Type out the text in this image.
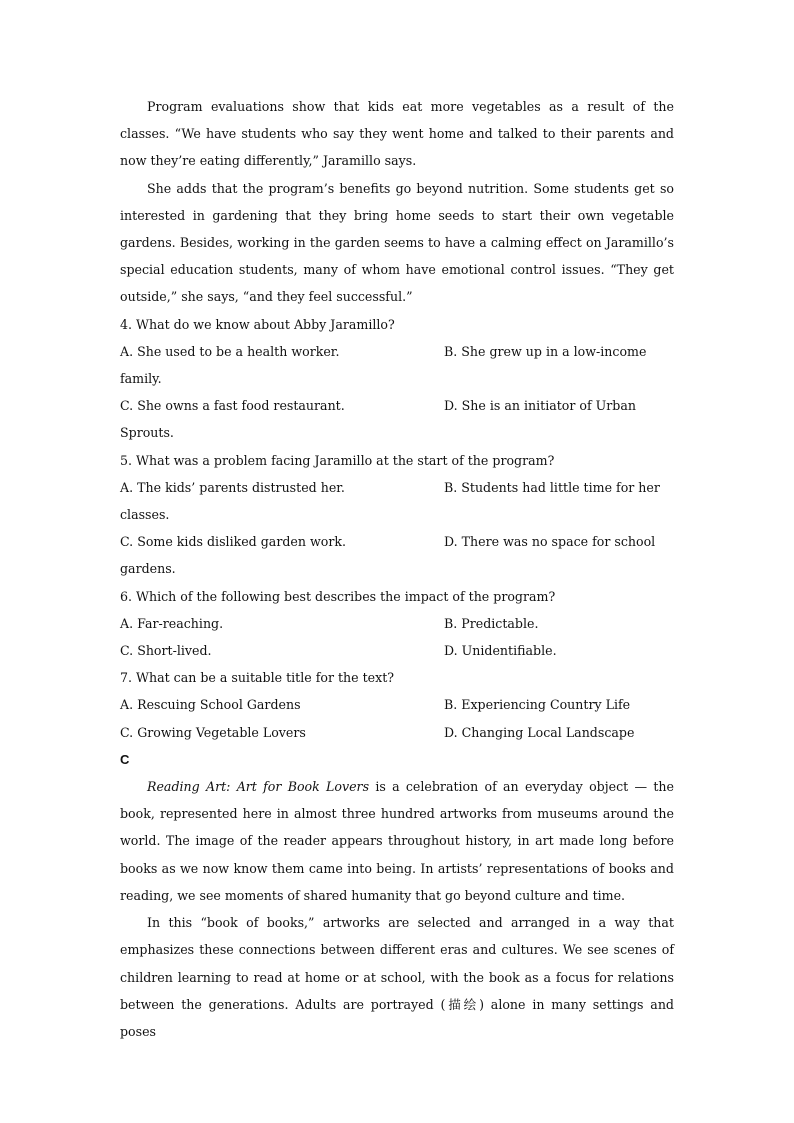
Program evaluations show that kids eat more vegetables as a result of the classes. “We have students who say they went home and talked to their parents and now they’re eating differently,” Jaramillo says.

She adds that the program’s benefits go beyond nutrition. Some students get so interested in gardening that they bring home seeds to start their own vegetable gardens. Besides, working in the garden seems to have a calming effect on Jaramillo’s special education students, many of whom have emotional control issues. “They get outside,” she says, “and they feel successful.”

4. What do we know about Abby Jaramillo?

A. She used to be a health worker.	B. She grew up in a low-income
family.
C. She owns a fast food restaurant.	D. She is an initiator of Urban
Sprouts.

5. What was a problem facing Jaramillo at the start of the program?

A. The kids’ parents distrusted her.	B. Students had little time for her
classes.
C. Some kids disliked garden work.	D. There was no space for school
gardens.

6. Which of the following best describes the impact of the program?

A. Far-reaching.	B. Predictable.
C. Short-lived.	D. Unidentifiable.

7. What can be a suitable title for the text?

A. Rescuing School Gardens	B. Experiencing Country Life
C. Growing Vegetable Lovers	D. Changing Local Landscape

C

Reading Art: Art for Book Lovers is a celebration of an everyday object — the book, represented here in almost three hundred artworks from museums around the world. The image of the reader appears throughout history, in art made long before books as we now know them came into being. In artists’ representations of books and reading, we see moments of shared humanity that go beyond culture and time.

In this “book of books,” artworks are selected and arranged in a way that emphasizes these connections between different eras and cultures. We see scenes of children learning to read at home or at school, with the book as a focus for relations between the generations. Adults are portrayed (描绘) alone in many settings and poses
